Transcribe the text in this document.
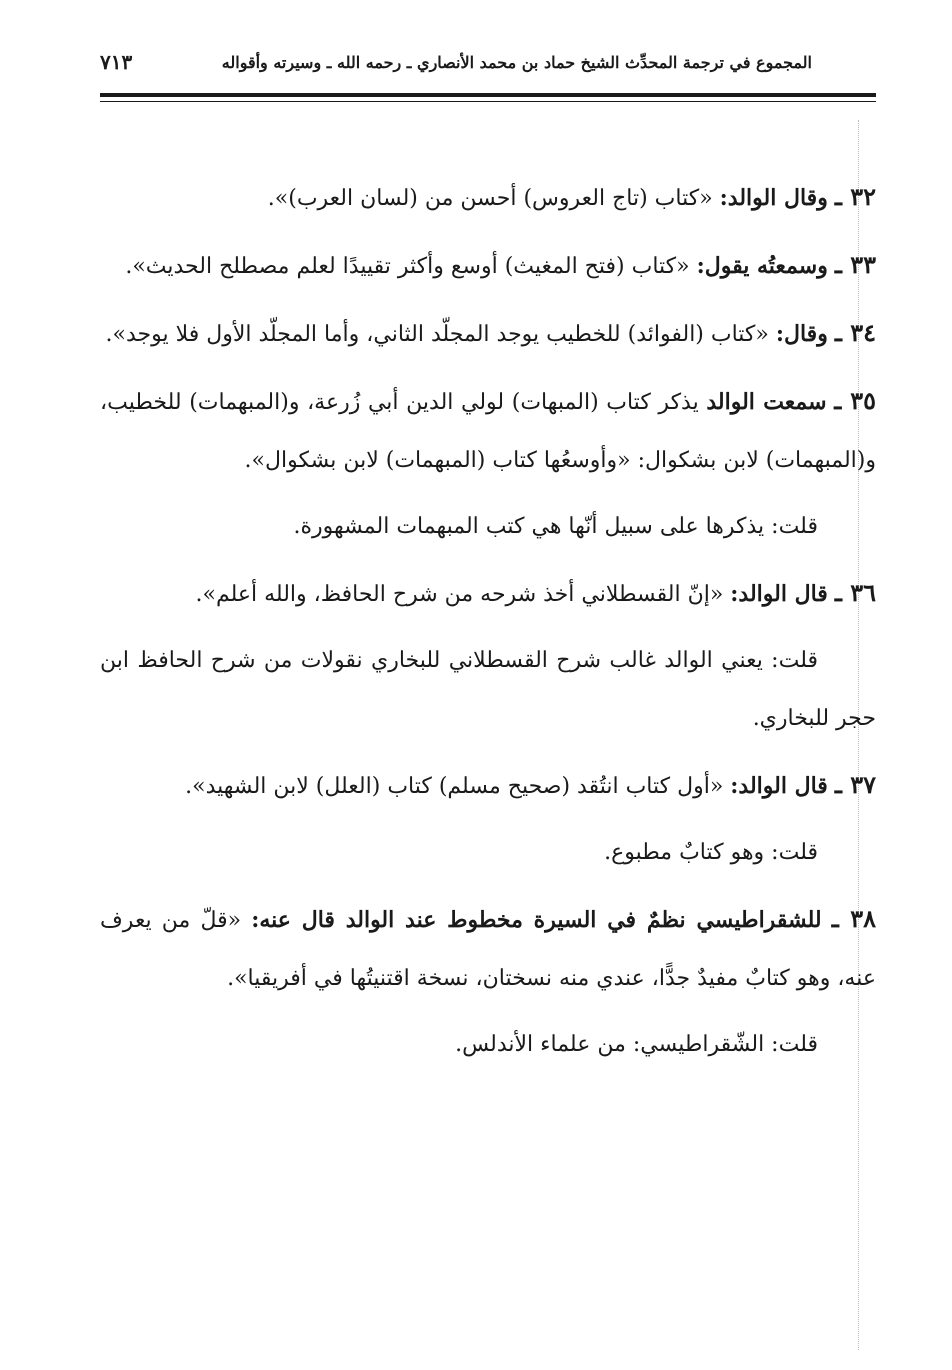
المجموع في ترجمة المحدِّث الشيخ حماد بن محمد الأنصاري ـ رحمه الله ـ وسيرته وأقواله
٧١٣

٣٢ ـ وقال الوالد: «كتاب (تاج العروس) أحسن من (لسان العرب)».

٣٣ ـ وسمعتُه يقول: «كتاب (فتح المغيث) أوسع وأكثر تقييدًا لعلم مصطلح الحديث».

٣٤ ـ وقال: «كتاب (الفوائد) للخطيب يوجد المجلّد الثاني، وأما المجلّد الأول فلا يوجد».

٣٥ ـ سمعت الوالد يذكر كتاب (المبهات) لولي الدين أبي زُرعة، و(المبهمات) للخطيب، و(المبهمات) لابن بشكوال: «وأوسعُها كتاب (المبهمات) لابن بشكوال».

قلت: يذكرها على سبيل أنّها هي كتب المبهمات المشهورة.

٣٦ ـ قال الوالد: «إنّ القسطلاني أخذ شرحه من شرح الحافظ، والله أعلم».

قلت: يعني الوالد غالب شرح القسطلاني للبخاري نقولات من شرح الحافظ ابن حجر للبخاري.

٣٧ ـ قال الوالد: «أول كتاب انتُقد (صحيح مسلم) كتاب (العلل) لابن الشهيد».

قلت: وهو كتابٌ مطبوع.

٣٨ ـ للشقراطيسي نظمٌ في السيرة مخطوط عند الوالد قال عنه: «قلّ من يعرف عنه، وهو كتابٌ مفيدٌ جدًّا، عندي منه نسختان، نسخة اقتنيتُها في أفريقيا».

قلت: الشّقراطيسي: من علماء الأندلس.
